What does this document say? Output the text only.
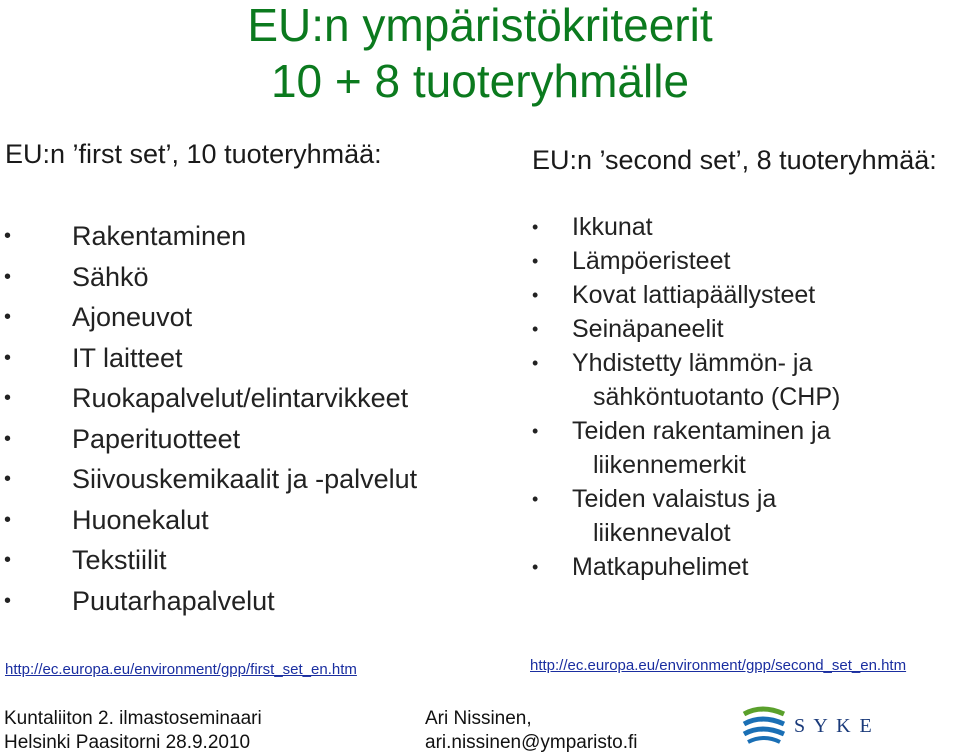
EU:n ympäristökriteerit
10 + 8 tuoteryhmälle
EU:n ’first set’, 10 tuoteryhmää:
• Rakentaminen
• Sähkö
• Ajoneuvot
• IT laitteet
• Ruokapalvelut/elintarvikkeet
• Paperituotteet
• Siivouskemikaalit ja -palvelut
• Huonekalut
• Tekstiilit
• Puutarhapalvelut
EU:n ’second set’, 8 tuoteryhmää:
• Ikkunat
• Lämpöeristeet
• Kovat lattiapäällysteet
• Seinäpaneelit
• Yhdistetty lämmön- ja
sähköntuotanto (CHP)
• Teiden rakentaminen ja
liikennemerkit
• Teiden valaistus ja
liikennevalot
• Matkapuhelimet
http://ec.europa.eu/environment/gpp/first_set_en.htm	http://ec.europa.eu/environment/gpp/second_set_en.htm
Kuntaliiton 2. ilmastoseminaari
Helsinki Paasitorni 28.9.2010
Ari Nissinen,
ari.nissinen@ymparisto.fi
S Y K E
